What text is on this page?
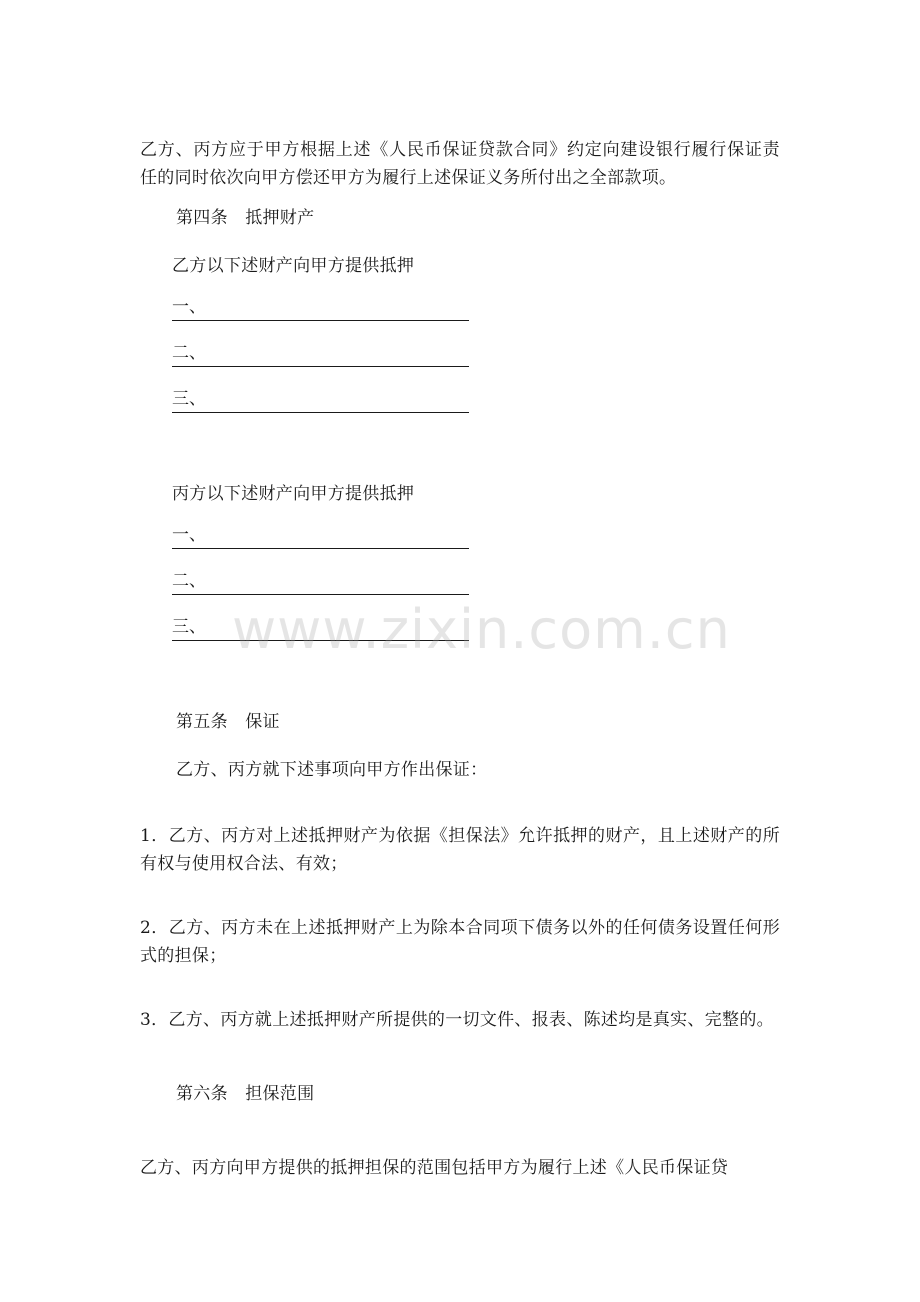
乙方、丙方应于甲方根据上述《人民币保证贷款合同》约定向建设银行履行保证责任的同时依次向甲方偿还甲方为履行上述保证义务所付出之全部款项。
第四条　抵押财产
乙方以下述财产向甲方提供抵押
一、
二、
三、
丙方以下述财产向甲方提供抵押
一、
二、
三、
第五条　保证
乙方、丙方就下述事项向甲方作出保证：
1．乙方、丙方对上述抵押财产为依据《担保法》允许抵押的财产，且上述财产的所有权与使用权合法、有效；
2．乙方、丙方未在上述抵押财产上为除本合同项下债务以外的任何债务设置任何形式的担保；
3．乙方、丙方就上述抵押财产所提供的一切文件、报表、陈述均是真实、完整的。
第六条　担保范围
乙方、丙方向甲方提供的抵押担保的范围包括甲方为履行上述《人民币保证贷
www.zixin.com.cn
